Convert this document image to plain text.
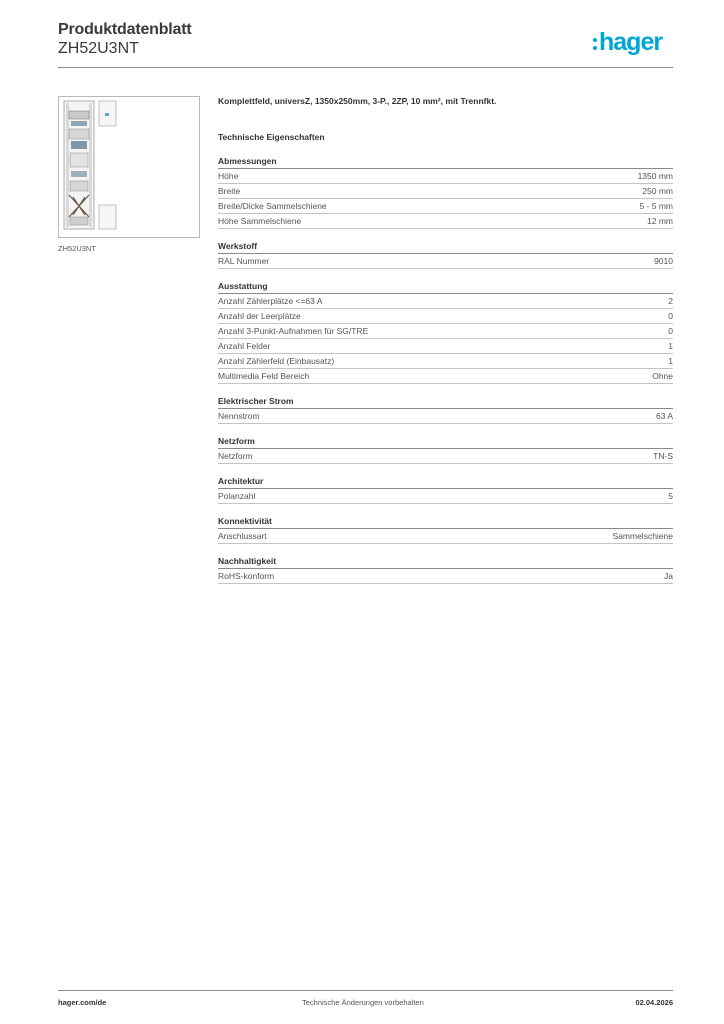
Produktdatenblatt
ZH52U3NT	hager
ZH52U3NT
Komplettfeld, universZ, 1350x250mm, 3-P., 2ZP, 10 mm², mit Trennfkt.
Technische Eigenschaften
Abmessungen
Höhe	1350 mm
Breite	250 mm
Breite/Dicke Sammelschiene	5 - 5 mm
Höhe Sammelschiene	12 mm
Werkstoff
RAL Nummer	9010
Ausstattung
Anzahl Zählerplätze <=63 A	2
Anzahl der Leerplätze	0
Anzahl 3-Punkt-Aufnahmen für SG/TRE	0
Anzahl Felder	1
Anzahl Zählerfeld (Einbausatz)	1
Multimedia Feld Bereich	Ohne
Elektrischer Strom
Nennstrom	63 A
Netzform
Netzform	TN-S
Architektur
Polanzahl	5
Konnektivität
Anschlussart	Sammelschiene
Nachhaltigkeit
RoHS-konform	Ja
hager.com/de	Technische Änderungen vorbehalten	02.04.2026
